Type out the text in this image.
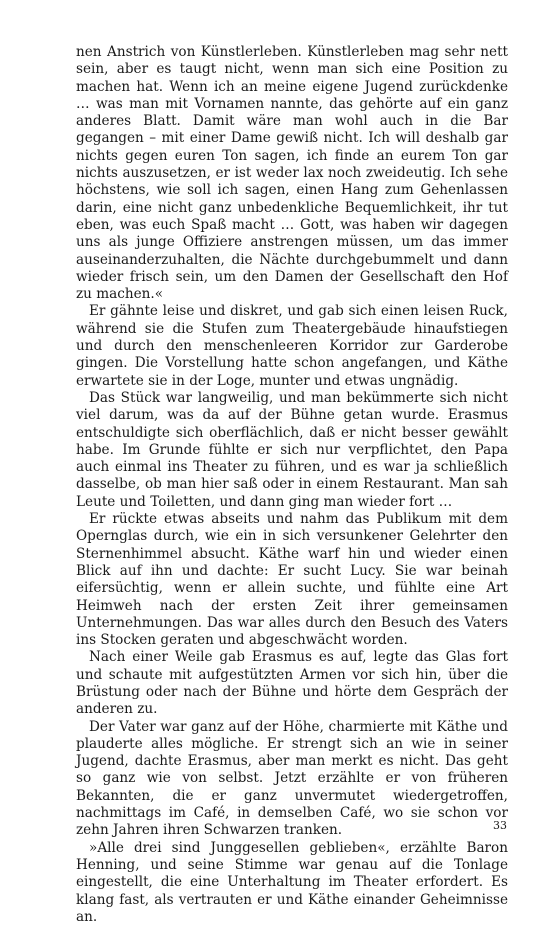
nen Anstrich von Künstlerleben. Künstlerleben mag sehr nett sein, aber es taugt nicht, wenn man sich eine Position zu machen hat. Wenn ich an meine eigene Jugend zurückdenke … was man mit Vornamen nannte, das gehörte auf ein ganz anderes Blatt. Damit wäre man wohl auch in die Bar gegangen – mit einer Dame gewiß nicht. Ich will deshalb gar nichts gegen euren Ton sagen, ich finde an eurem Ton gar nichts auszusetzen, er ist weder lax noch zweideutig. Ich sehe höchstens, wie soll ich sagen, einen Hang zum Gehenlassen darin, eine nicht ganz unbedenkliche Bequemlichkeit, ihr tut eben, was euch Spaß macht … Gott, was haben wir dagegen uns als junge Offiziere anstrengen müssen, um das immer auseinanderzuhalten, die Nächte durchgebummelt und dann wieder frisch sein, um den Damen der Gesellschaft den Hof zu machen.«

Er gähnte leise und diskret, und gab sich einen leisen Ruck, während sie die Stufen zum Theatergebäude hinaufstiegen und durch den menschenleeren Korridor zur Garderobe gingen. Die Vorstellung hatte schon angefangen, und Käthe erwartete sie in der Loge, munter und etwas ungnädig.

Das Stück war langweilig, und man bekümmerte sich nicht viel darum, was da auf der Bühne getan wurde. Erasmus entschuldigte sich oberflächlich, daß er nicht besser gewählt habe. Im Grunde fühlte er sich nur verpflichtet, den Papa auch einmal ins Theater zu führen, und es war ja schließlich dasselbe, ob man hier saß oder in einem Restaurant. Man sah Leute und Toiletten, und dann ging man wieder fort …

Er rückte etwas abseits und nahm das Publikum mit dem Opernglas durch, wie ein in sich versunkener Gelehrter den Sternenhimmel absucht. Käthe warf hin und wieder einen Blick auf ihn und dachte: Er sucht Lucy. Sie war beinah eifersüchtig, wenn er allein suchte, und fühlte eine Art Heimweh nach der ersten Zeit ihrer gemeinsamen Unternehmungen. Das war alles durch den Besuch des Vaters ins Stocken geraten und abgeschwächt worden.

Nach einer Weile gab Erasmus es auf, legte das Glas fort und schaute mit aufgestützten Armen vor sich hin, über die Brüstung oder nach der Bühne und hörte dem Gespräch der anderen zu.

Der Vater war ganz auf der Höhe, charmierte mit Käthe und plauderte alles mögliche. Er strengt sich an wie in seiner Jugend, dachte Erasmus, aber man merkt es nicht. Das geht so ganz wie von selbst. Jetzt erzählte er von früheren Bekannten, die er ganz unvermutet wiedergetroffen, nachmittags im Café, in demselben Café, wo sie schon vor zehn Jahren ihren Schwarzen tranken.

»Alle drei sind Junggesellen geblieben«, erzählte Baron Henning, und seine Stimme war genau auf die Tonlage eingestellt, die eine Unterhaltung im Theater erfordert. Es klang fast, als vertrauten er und Käthe einander Geheimnisse an.

33
